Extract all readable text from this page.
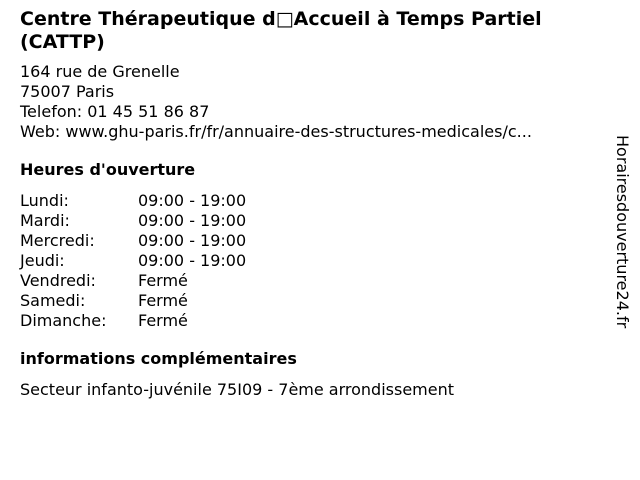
Centre Thérapeutique d□Accueil à Temps Partiel (CATTP)
164 rue de Grenelle
75007 Paris
Telefon: 01 45 51 86 87
Web: www.ghu-paris.fr/fr/annuaire-des-structures-medicales/c...
Heures d'ouverture
Lundi:	09:00 - 19:00
Mardi:	09:00 - 19:00
Mercredi:	09:00 - 19:00
Jeudi:	09:00 - 19:00
Vendredi:	Fermé
Samedi:	Fermé
Dimanche:	Fermé
informations complémentaires
Secteur infanto-juvénile 75I09 - 7ème arrondissement
Horairesdouverture24.fr
